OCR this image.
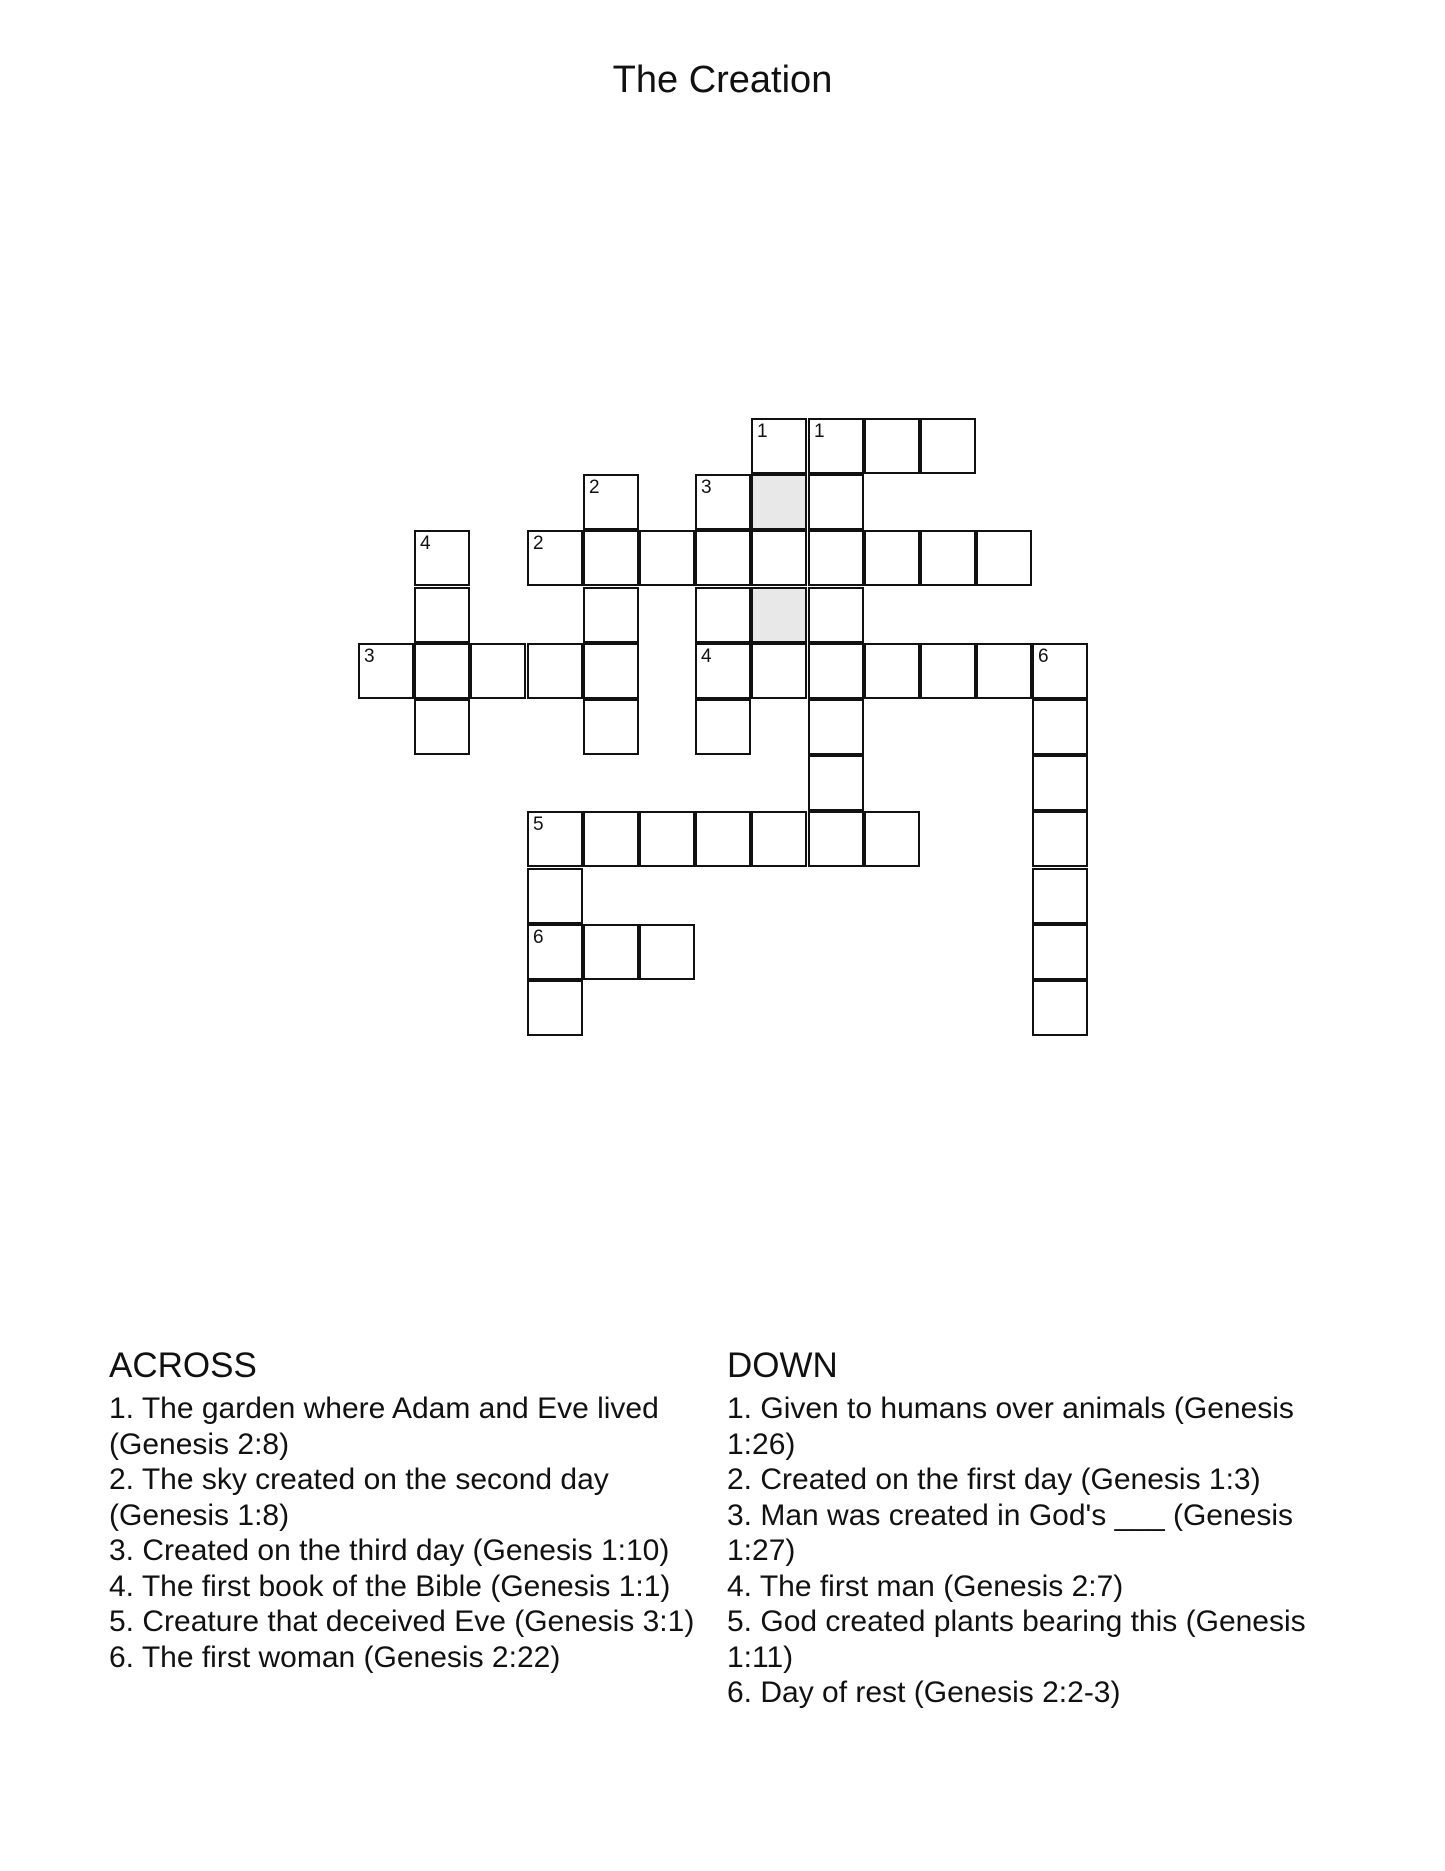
The Creation
1 1
2	3
4	2
3	4	6
5
6
ACROSS
1. The garden where Adam and Eve lived (Genesis 2:8)
2. The sky created on the second day (Genesis 1:8)
3. Created on the third day (Genesis 1:10)
4. The first book of the Bible (Genesis 1:1)
5. Creature that deceived Eve (Genesis 3:1)
6. The first woman (Genesis 2:22)
DOWN
1. Given to humans over animals (Genesis 1:26)
2. Created on the first day (Genesis 1:3)
3. Man was created in God's ___ (Genesis 1:27)
4. The first man (Genesis 2:7)
5. God created plants bearing this (Genesis 1:11)
6. Day of rest (Genesis 2:2-3)
